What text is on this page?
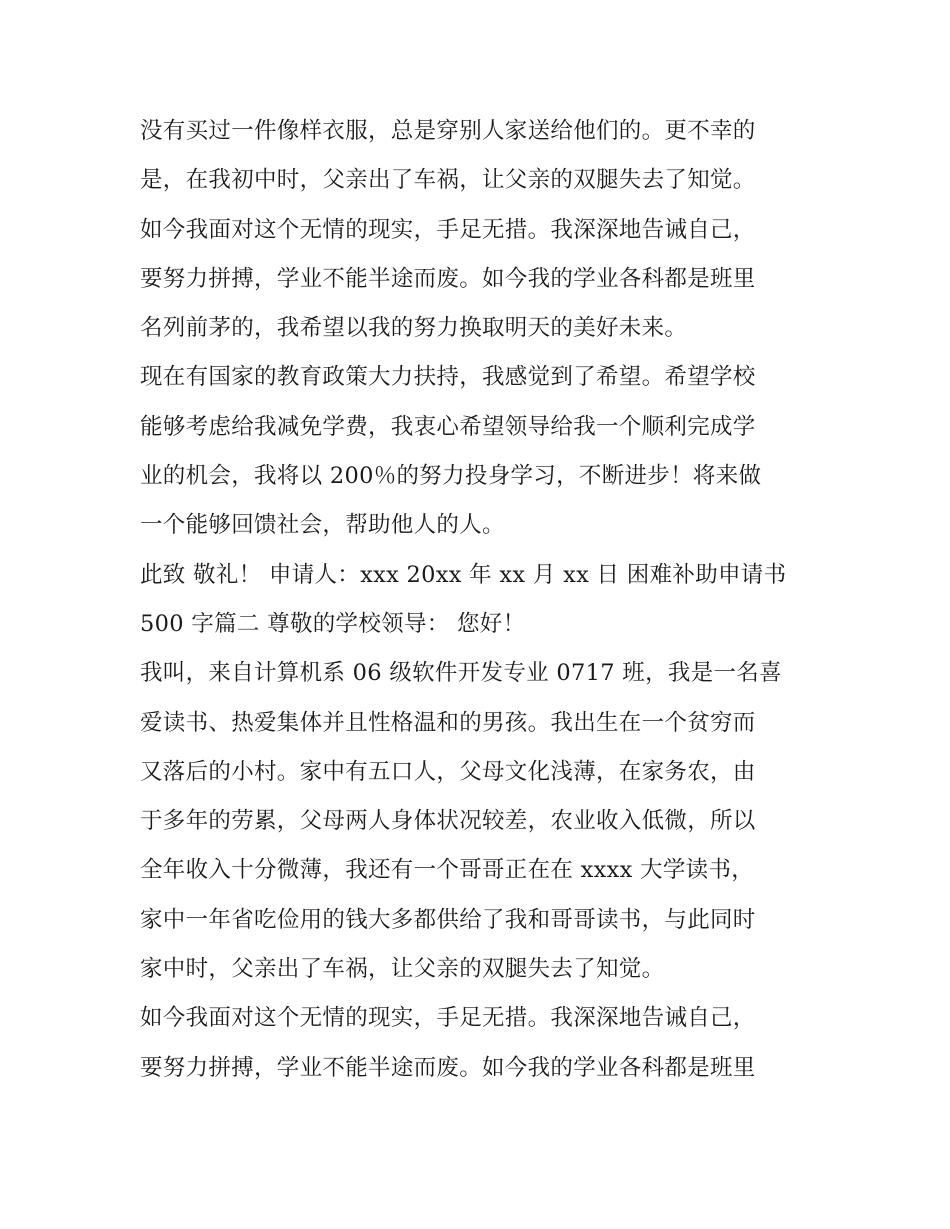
没有买过一件像样衣服，总是穿别人家送给他们的。更不幸的
是，在我初中时，父亲出了车祸，让父亲的双腿失去了知觉。
如今我面对这个无情的现实，手足无措。我深深地告诫自己，
要努力拼搏，学业不能半途而废。如今我的学业各科都是班里
名列前茅的，我希望以我的努力换取明天的美好未来。
现在有国家的教育政策大力扶持，我感觉到了希望。希望学校
能够考虑给我减免学费，我衷心希望领导给我一个顺利完成学
业的机会，我将以 200％的努力投身学习，不断进步！将来做
一个能够回馈社会，帮助他人的人。
此致 敬礼！ 申请人：xxx 20xx 年 xx 月 xx 日 困难补助申请书
500 字篇二 尊敬的学校领导： 您好！
我叫，来自计算机系 06 级软件开发专业 0717 班，我是一名喜
爱读书、热爱集体并且性格温和的男孩。我出生在一个贫穷而
又落后的小村。家中有五口人，父母文化浅薄，在家务农，由
于多年的劳累，父母两人身体状况较差，农业收入低微，所以
全年收入十分微薄，我还有一个哥哥正在在 xxxx 大学读书，
家中一年省吃俭用的钱大多都供给了我和哥哥读书，与此同时
家中时，父亲出了车祸，让父亲的双腿失去了知觉。
如今我面对这个无情的现实，手足无措。我深深地告诫自己，
要努力拼搏，学业不能半途而废。如今我的学业各科都是班里
